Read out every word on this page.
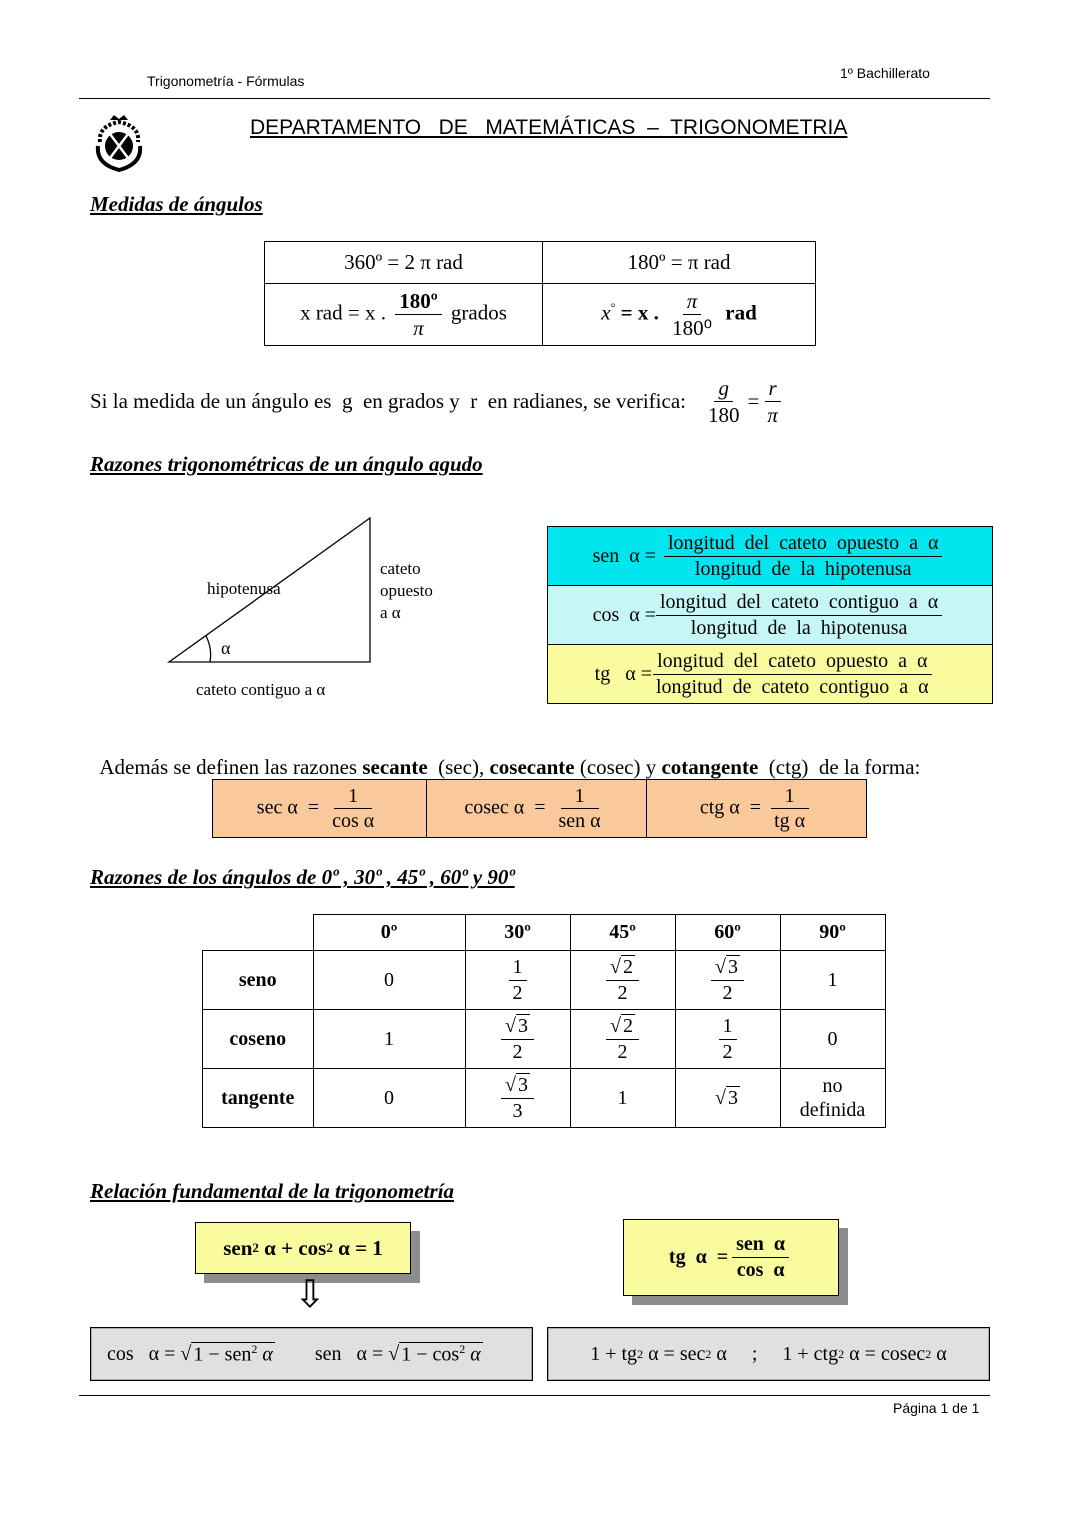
Trigonometría - Fórmulas	1º Bachillerato
DEPARTAMENTO   DE   MATEMÁTICAS  –  TRIGONOMETRIA
Medidas de ángulos
360º = 2 π rad	180º = π rad
x rad = x . $\frac{\text{180º}}{\pi}$ grados	x° = x . $\frac{\pi}{\text{180⁰}}$ rad
Si la medida de un ángulo es  g  en grados y  r  en radianes, se verifica: $\frac{g}{180} = \frac{r}{\pi}$
Razones trigonométricas de un ángulo agudo
hipotenusa
cateto
opuesto
a α
α
cateto contiguo a α
sen  $\alpha = \frac{\text{longitud  del  cateto  opuesto  a  α}}{\text{longitud  de  la  hipotenusa}}$
$\cos \alpha = \frac{\text{longitud  del  cateto  contiguo  a  α}}{\text{longitud  de  la  hipotenusa}}$
tg   $\alpha = \frac{\text{longitud  del  cateto  opuesto  a  α}}{\text{longitud  de  cateto  contiguo  a  α}}$

Además se definen las razones secante  (sec), cosecante (cosec) y cotangente  (ctg)  de la forma:

$\sec \alpha = \frac{1}{\text{cos α}}$	cosec $\alpha = \frac{1}{\text{sen α}}$	ctg $\alpha = \frac{1}{\text{tg α}}$
Razones de los ángulos de 0º , 30º , 45º , 60º y 90º
	0º	30º	45º	60º	90º
seno	0	$\frac{1}{2}$	$\frac{√ 2}{2}$	$\frac{√ 3}{2}$	1
coseno	1	$\frac{√ 3}{2}$	$\frac{√ 2}{2}$	$\frac{1}{2}$	0
tangente	0	$\frac{√ 3}{3}$	1	√ 3	no
definida
Relación fundamental de la trigonometría
sen 2 α + cos 2 α = 1	tg  $\alpha = \frac{\text{sen  α}}{\text{cos  α}}$
⇩
cos   α = √ 1 − sen$^2$ α sen   α = √ $1 - \cos^2 \alpha$	1 + tg 2 α = sec 2 α     ;     1 + ctg 2 α = cosec 2 α
Página 1 de 1
